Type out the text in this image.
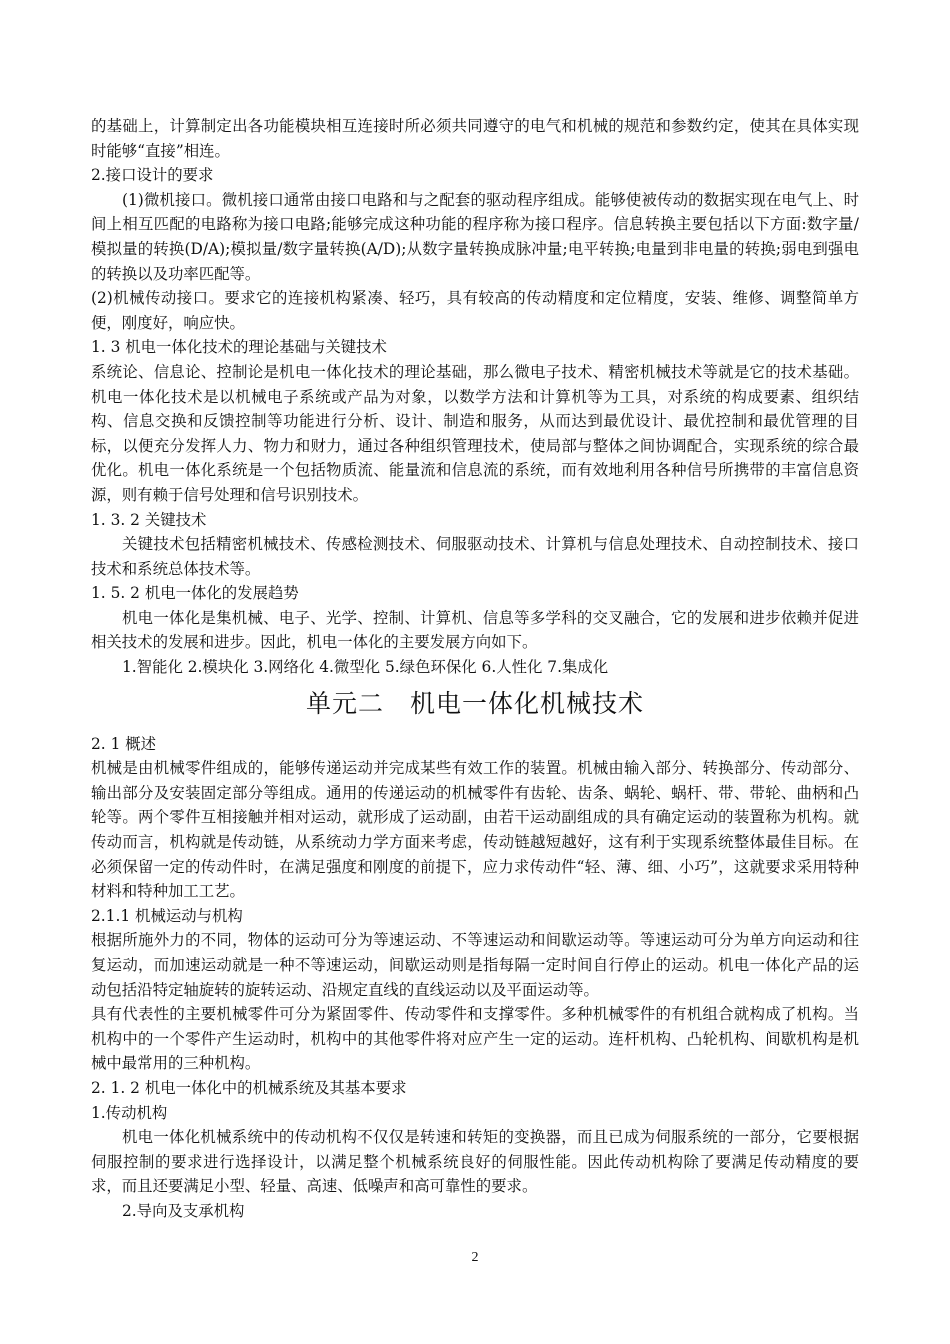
的基础上，计算制定出各功能模块相互连接时所必须共同遵守的电气和机械的规范和参数约定，使其在具体实现时能够“直接”相连。

2.接口设计的要求

(1)微机接口。微机接口通常由接口电路和与之配套的驱动程序组成。能够使被传动的数据实现在电气上、时间上相互匹配的电路称为接口电路;能够完成这种功能的程序称为接口程序。信息转换主要包括以下方面:数字量/模拟量的转换(D/A);模拟量/数字量转换(A/D);从数字量转换成脉冲量;电平转换;电量到非电量的转换;弱电到强电的转换以及功率匹配等。

(2)机械传动接口。要求它的连接机构紧凑、轻巧，具有较高的传动精度和定位精度，安装、维修、调整简单方便，刚度好，响应快。

1. 3 机电一体化技术的理论基础与关键技术

系统论、信息论、控制论是机电一体化技术的理论基础，那么微电子技术、精密机械技术等就是它的技术基础。机电一体化技术是以机械电子系统或产品为对象，以数学方法和计算机等为工具，对系统的构成要素、组织结构、信息交换和反馈控制等功能进行分析、设计、制造和服务，从而达到最优设计、最优控制和最优管理的目标，以便充分发挥人力、物力和财力，通过各种组织管理技术，使局部与整体之间协调配合，实现系统的综合最优化。机电一体化系统是一个包括物质流、能量流和信息流的系统，而有效地利用各种信号所携带的丰富信息资源，则有赖于信号处理和信号识别技术。

1. 3. 2 关键技术

关键技术包括精密机械技术、传感检测技术、伺服驱动技术、计算机与信息处理技术、自动控制技术、接口技术和系统总体技术等。

1. 5. 2 机电一体化的发展趋势

机电一体化是集机械、电子、光学、控制、计算机、信息等多学科的交叉融合，它的发展和进步依赖并促进相关技术的发展和进步。因此，机电一体化的主要发展方向如下。

1.智能化 2.模块化 3.网络化 4.微型化 5.绿色环保化 6.人性化 7.集成化

单元二　机电一体化机械技术

2. 1 概述

机械是由机械零件组成的，能够传递运动并完成某些有效工作的装置。机械由输入部分、转换部分、传动部分、输出部分及安装固定部分等组成。通用的传递运动的机械零件有齿轮、齿条、蜗轮、蜗杆、带、带轮、曲柄和凸轮等。两个零件互相接触并相对运动，就形成了运动副，由若干运动副组成的具有确定运动的装置称为机构。就传动而言，机构就是传动链，从系统动力学方面来考虑，传动链越短越好，这有利于实现系统整体最佳目标。在必须保留一定的传动件时，在满足强度和刚度的前提下，应力求传动件“轻、薄、细、小巧”，这就要求采用特种材料和特种加工工艺。

2.1.1 机械运动与机构

根据所施外力的不同，物体的运动可分为等速运动、不等速运动和间歇运动等。等速运动可分为单方向运动和往复运动，而加速运动就是一种不等速运动，间歇运动则是指每隔一定时间自行停止的运动。机电一体化产品的运动包括沿特定轴旋转的旋转运动、沿规定直线的直线运动以及平面运动等。

具有代表性的主要机械零件可分为紧固零件、传动零件和支撑零件。多种机械零件的有机组合就构成了机构。当机构中的一个零件产生运动时，机构中的其他零件将对应产生一定的运动。连杆机构、凸轮机构、间歇机构是机械中最常用的三种机构。

2. 1. 2 机电一体化中的机械系统及其基本要求

1.传动机构

机电一体化机械系统中的传动机构不仅仅是转速和转矩的变换器，而且已成为伺服系统的一部分，它要根据伺服控制的要求进行选择设计，以满足整个机械系统良好的伺服性能。因此传动机构除了要满足传动精度的要求，而且还要满足小型、轻量、高速、低噪声和高可靠性的要求。

2.导向及支承机构

2
